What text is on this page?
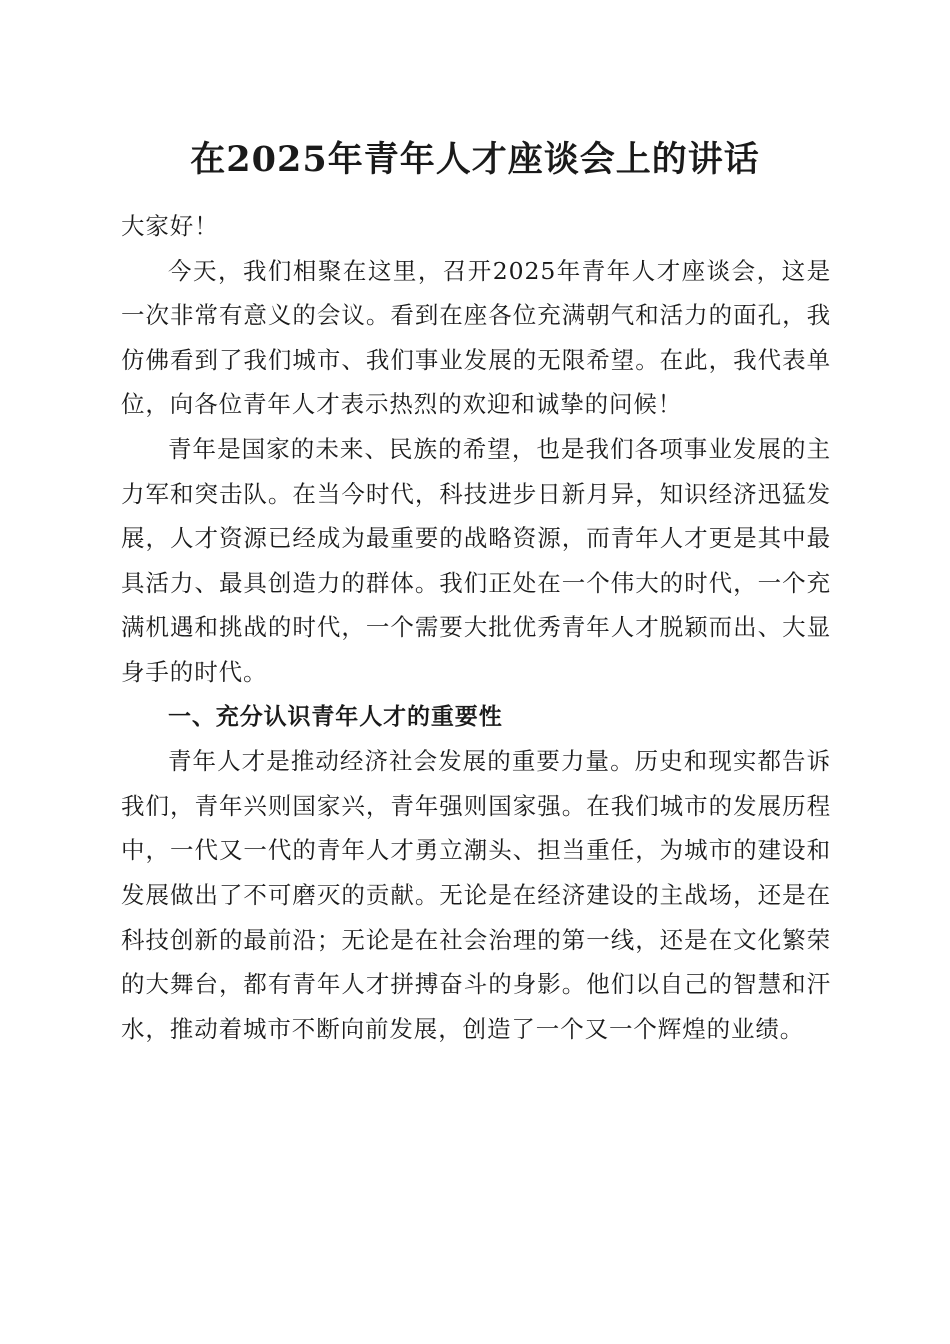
在2025年青年人才座谈会上的讲话

大家好！

今天，我们相聚在这里，召开2025年青年人才座谈会，这是一次非常有意义的会议。看到在座各位充满朝气和活力的面孔，我仿佛看到了我们城市、我们事业发展的无限希望。在此，我代表单位，向各位青年人才表示热烈的欢迎和诚挚的问候！

青年是国家的未来、民族的希望，也是我们各项事业发展的主力军和突击队。在当今时代，科技进步日新月异，知识经济迅猛发展，人才资源已经成为最重要的战略资源，而青年人才更是其中最具活力、最具创造力的群体。我们正处在一个伟大的时代，一个充满机遇和挑战的时代，一个需要大批优秀青年人才脱颖而出、大显身手的时代。

一、充分认识青年人才的重要性

青年人才是推动经济社会发展的重要力量。历史和现实都告诉我们，青年兴则国家兴，青年强则国家强。在我们城市的发展历程中，一代又一代的青年人才勇立潮头、担当重任，为城市的建设和发展做出了不可磨灭的贡献。无论是在经济建设的主战场，还是在科技创新的最前沿；无论是在社会治理的第一线，还是在文化繁荣的大舞台，都有青年人才拼搏奋斗的身影。他们以自己的智慧和汗水，推动着城市不断向前发展，创造了一个又一个辉煌的业绩。
